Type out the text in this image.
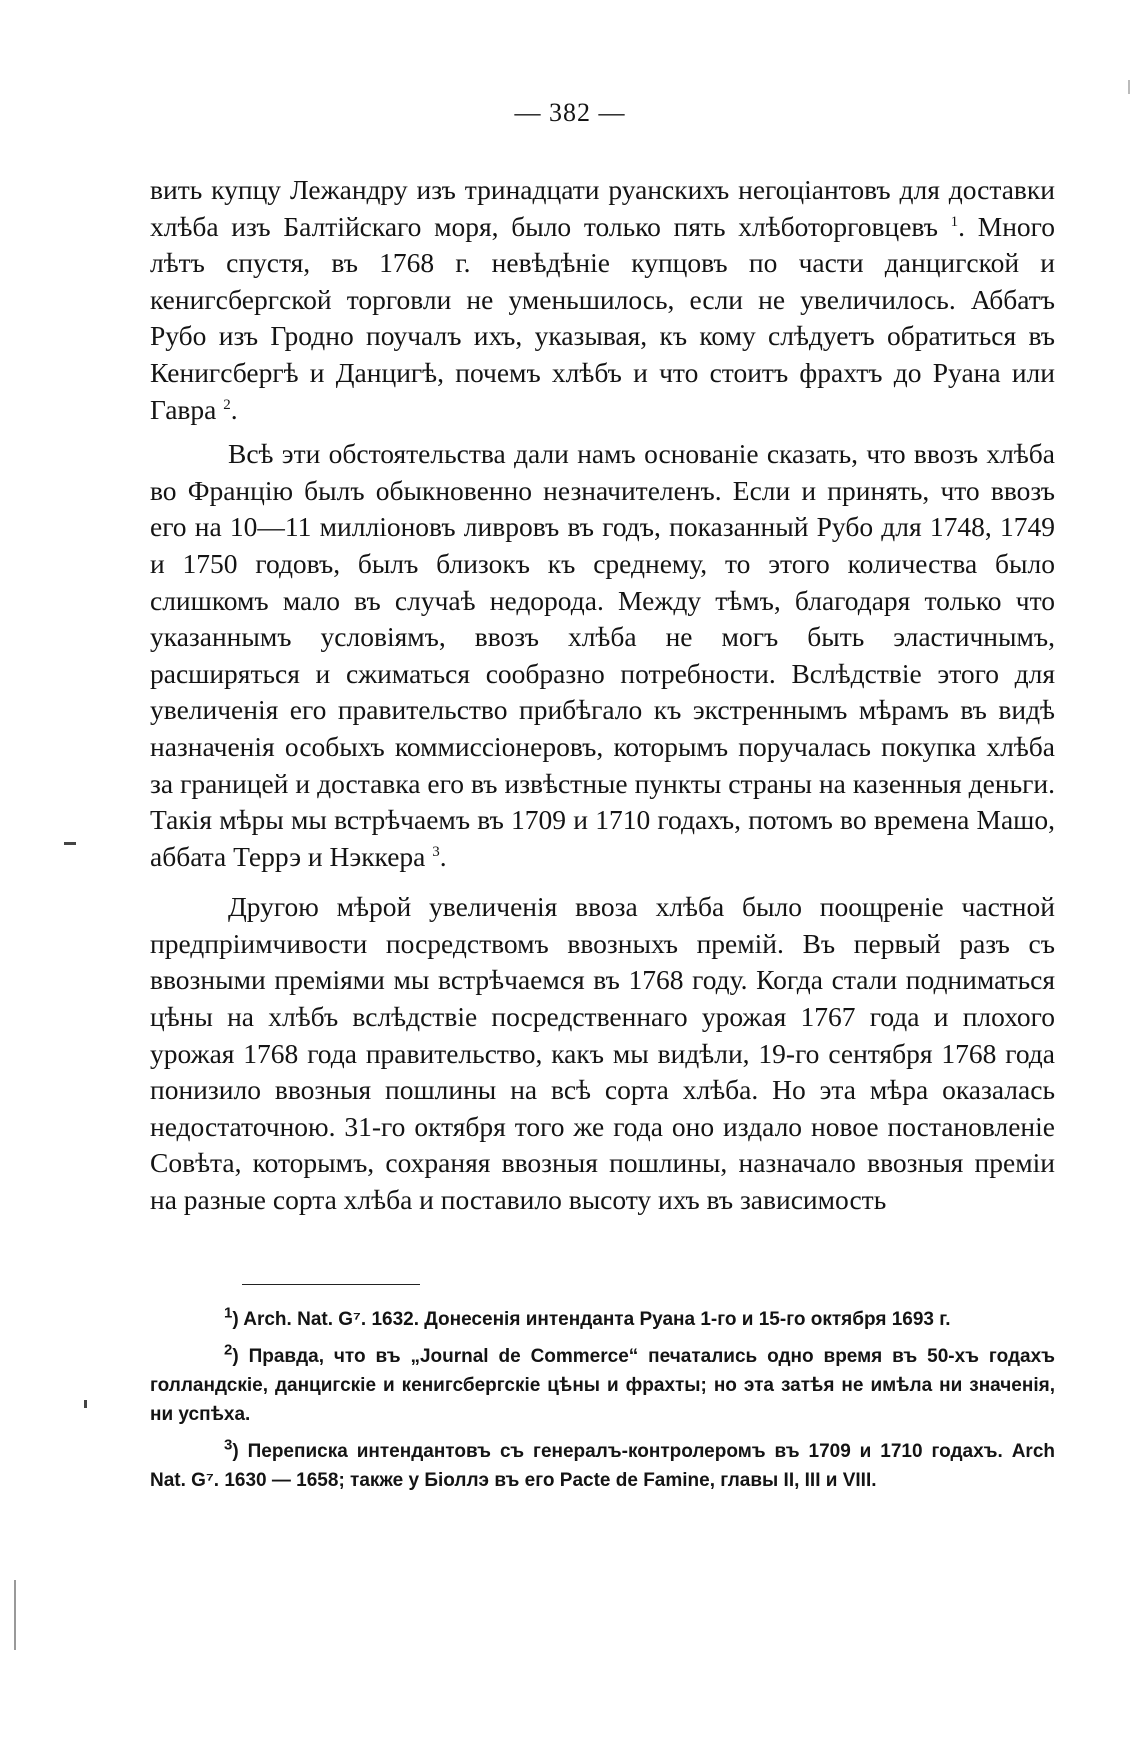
— 382 —

вить купцу Лежандру изъ тринадцати руанскихъ негоціантовъ для доставки хлѣба изъ Балтійскаго моря, было только пять хлѣботорговцевъ $^1$. Много лѣтъ спустя, въ 1768 г. невѣдѣніе купцовъ по части данцигской и кенигсбергской торговли не уменьшилось, если не увеличилось. Аббатъ Рубо изъ Гродно поучалъ ихъ, указывая, къ кому слѣдуетъ обратиться въ Кенигсбергѣ и Данцигѣ, почемъ хлѣбъ и что стоитъ фрахтъ до Руана или Гавра $^2$.

Всѣ эти обстоятельства дали намъ основаніе сказать, что ввозъ хлѣба во Францію былъ обыкновенно незначителенъ. Если и принять, что ввозъ его на 10—11 милліоновъ ливровъ въ годъ, показанный Рубо для 1748, 1749 и 1750 годовъ, былъ близокъ къ среднему, то этого количества было слишкомъ мало въ случаѣ недорода. Между тѣмъ, благодаря только что указаннымъ условіямъ, ввозъ хлѣба не могъ быть эластичнымъ, расширяться и сжиматься сообразно потребности. Вслѣдствіе этого для увеличенія его правительство прибѣгало къ экстреннымъ мѣрамъ въ видѣ назначенія особыхъ коммиссіонеровъ, которымъ поручалась покупка хлѣба за границей и доставка его въ извѣстные пункты страны на казенныя деньги. Такія мѣры мы встрѣчаемъ въ 1709 и 1710 годахъ, потомъ во времена Машо, аббата Террэ и Нэккера $^3$.

Другою мѣрой увеличенія ввоза хлѣба было поощреніе частной предпріимчивости посредствомъ ввозныхъ премій. Въ первый разъ съ ввозными преміями мы встрѣчаемся въ 1768 году. Когда стали подниматься цѣны на хлѣбъ вслѣдствіе посредственнаго урожая 1767 года и плохого урожая 1768 года правительство, какъ мы видѣли, 19-го сентября 1768 года понизило ввозныя пошлины на всѣ сорта хлѣба. Но эта мѣра оказалась недостаточною. 31-го октября того же года оно издало новое постановленіе Совѣта, которымъ, сохраняя ввозныя пошлины, назначало ввозныя преміи на разные сорта хлѣба и поставило высоту ихъ въ зависимость

$^1$) Arch. Nat. G⁷. 1632. Донесенія интенданта Руана 1-го и 15-го октября 1693 г.

$^2$) Правда, что въ „Journal de Commerce“ печатались одно время въ 50-хъ годахъ голландскіе, данцигскіе и кенигсбергскіе цѣны и фрахты; но эта затѣя не имѣла ни значенія, ни успѣха.

$^3$) Переписка интендантовъ съ генералъ-контролеромъ въ 1709 и 1710 годахъ. Arch Nat. G⁷. 1630 — 1658; также у Біоллэ въ его Pacte de Famine, главы II, III и VIII.
